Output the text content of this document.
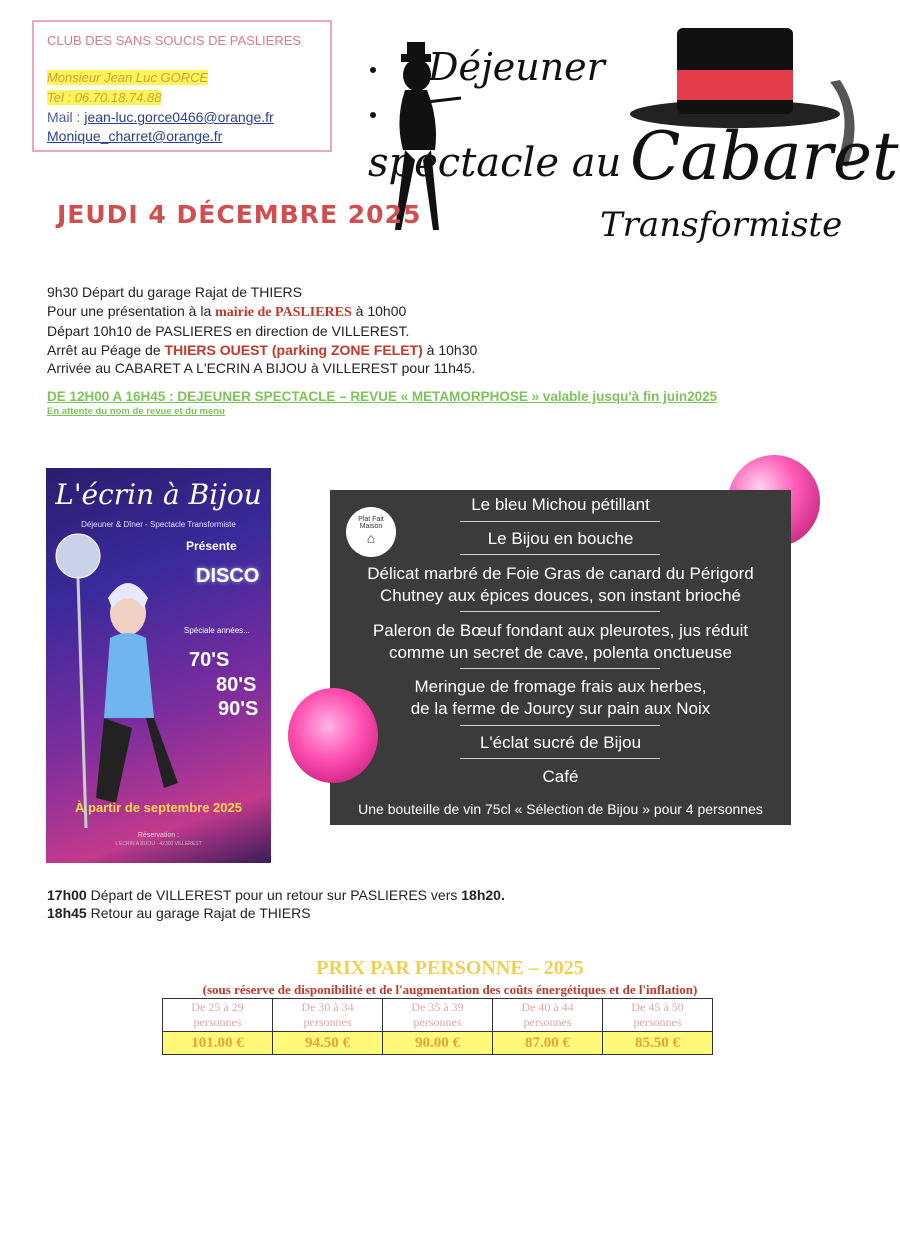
CLUB DES SANS SOUCIS DE PASLIERES
Monsieur Jean Luc GORCE
Tel : 06.70.18.74.88
Mail : jean-luc.gorce0466@orange.fr
Monique_charret@orange.fr
Déjeuner
spectacle au Cabaret
Transformiste
JEUDI 4 DÉCEMBRE 2025
9h30 Départ du garage Rajat de THIERS
Pour une présentation à la mairie de PASLIERES à 10h00
Départ 10h10 de PASLIERES en direction de VILLEREST.
Arrêt au Péage de THIERS OUEST (parking ZONE FELET) à 10h30
Arrivée au CABARET A L'ECRIN A BIJOU à VILLEREST pour 11h45.
DE 12H00 A 16H45 : DEJEUNER SPECTACLE – REVUE « METAMORPHOSE » valable jusqu'à fin juin2025
En attente du nom de revue et du menu
L'écrin à Bijou
Déjeuner & Dîner - Spectacle Transformiste
Présente
DISCO
Spéciale années...
70'S
80'S
90'S
À partir de septembre 2025
Réservation :
L'ECRIN A BIJOU - 42300 VILLEREST
Le bleu Michou pétillant
Le Bijou en bouche
Délicat marbré de Foie Gras de canard du Périgord
Chutney aux épices douces, son instant brioché
Paleron de Bœuf fondant aux pleurotes, jus réduit
comme un secret de cave, polenta onctueuse
Meringue de fromage frais aux herbes,
de la ferme de Jourcy sur pain aux Noix
L'éclat sucré de Bijou
Café
Une bouteille de vin 75cl « Sélection de Bijou » pour 4 personnes
Plat Fait Maison
⌂
17h00 Départ de VILLEREST pour un retour sur PASLIERES vers 18h20.
18h45 Retour au garage Rajat de THIERS
PRIX PAR PERSONNE – 2025
(sous réserve de disponibilité et de l'augmentation des coûts énergétiques et de l'inflation)
De 25 à 29
personnes	De 30 à 34
personnes	De 35 à 39
personnes	De 40 à 44
personnes	De 45 à 50
personnes
101.00 €	94.50 €	90.00 €	87.00 €	85.50 €
